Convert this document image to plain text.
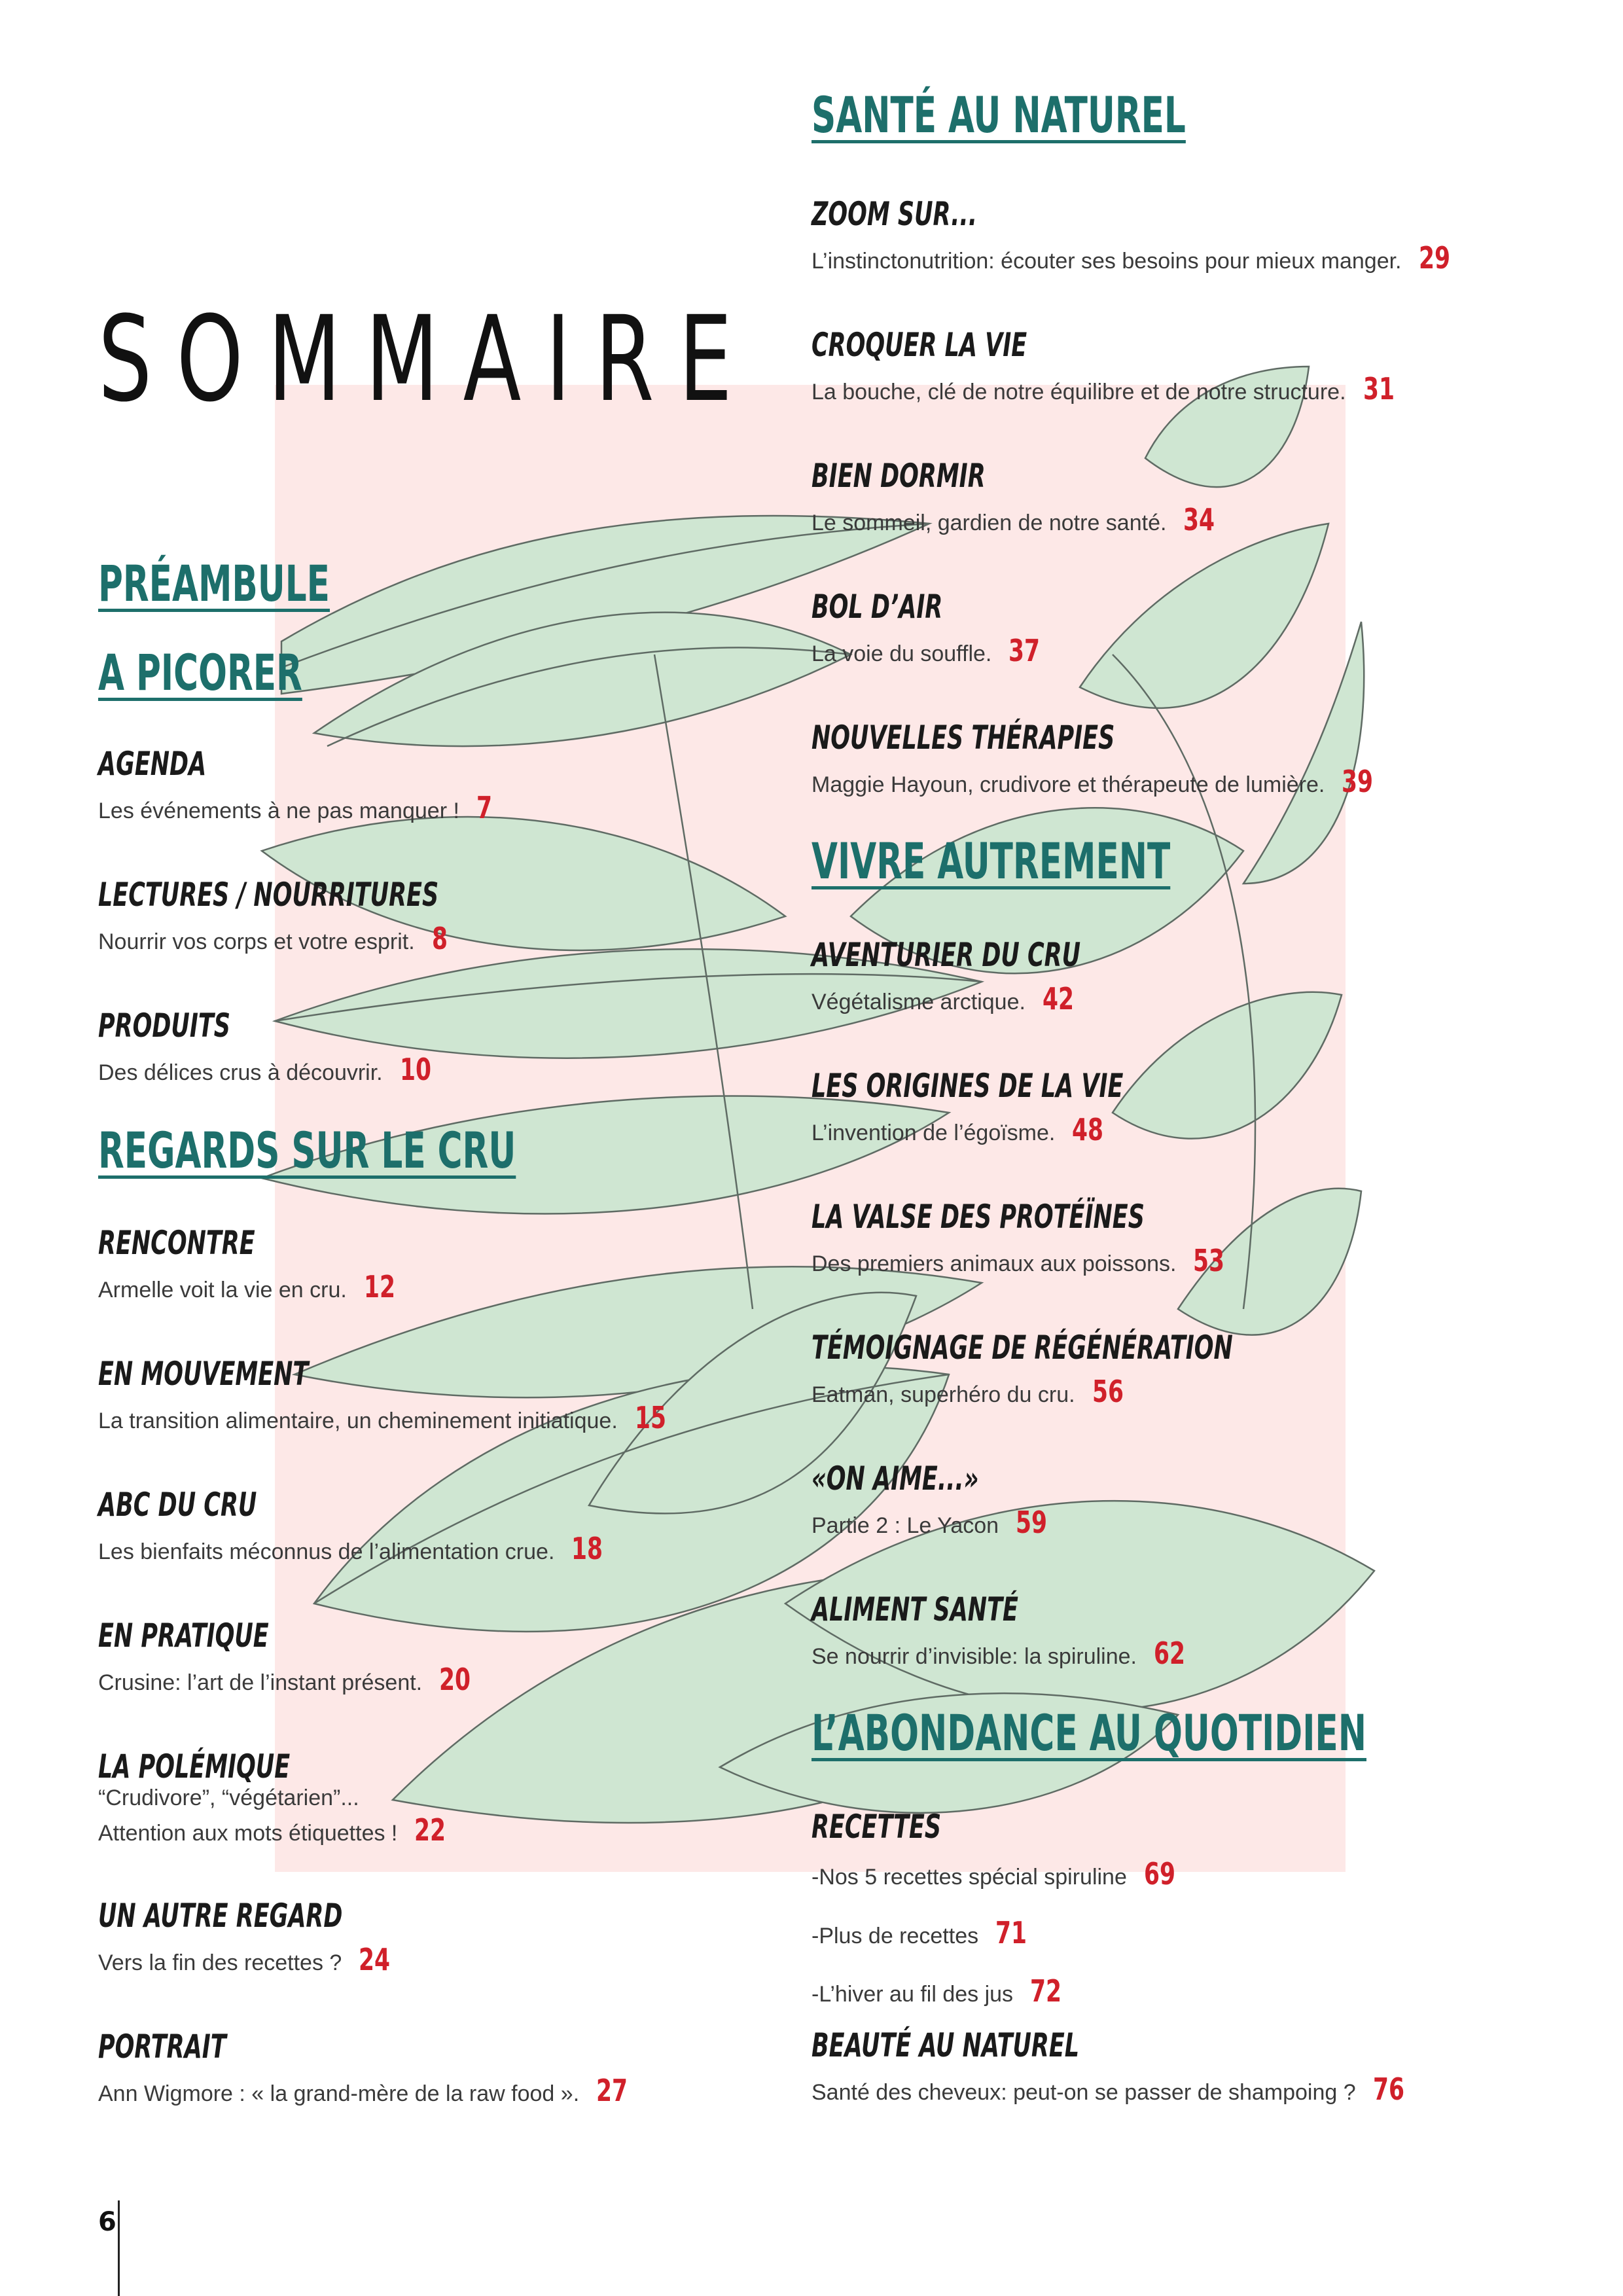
SOMMAIRE
PRÉAMBULE
A PICORER
AGENDA
Les événements à ne pas manquer ! 7
LECTURES / NOURRITURES
Nourrir vos corps et votre esprit. 8
PRODUITS
Des délices crus à découvrir. 10
REGARDS SUR LE CRU
RENCONTRE
Armelle voit la vie en cru. 12
EN MOUVEMENT
La transition alimentaire, un cheminement initiatique. 15
ABC DU CRU
Les bienfaits méconnus de l’alimentation crue. 18
EN PRATIQUE
Crusine: l’art de l’instant présent. 20
LA POLÉMIQUE
“Crudivore”, “végétarien”...
Attention aux mots étiquettes ! 22
UN AUTRE REGARD
Vers la fin des recettes ? 24
PORTRAIT
Ann Wigmore : « la grand-mère de la raw food ». 27
SANTÉ AU NATUREL
ZOOM SUR...
L’instinctonutrition: écouter ses besoins pour mieux manger. 29
CROQUER LA VIE
La bouche, clé de notre équilibre et de notre structure. 31
BIEN DORMIR
Le sommeil, gardien de notre santé. 34
BOL D’AIR
La voie du souffle. 37
NOUVELLES THÉRAPIES
Maggie Hayoun, crudivore et thérapeute de lumière. 39
VIVRE AUTREMENT
AVENTURIER DU CRU
Végétalisme arctique. 42
LES ORIGINES DE LA VIE
L’invention de l’égoïsme. 48
LA VALSE DES PROTÉÏNES
Des premiers animaux aux poissons. 53
TÉMOIGNAGE DE RÉGÉNÉRATION
Eatman, superhéro du cru. 56
«ON AIME...»
Partie 2 : Le Yacon 59
ALIMENT SANTÉ
Se nourrir d’invisible: la spiruline. 62
L’ABONDANCE AU QUOTIDIEN
RECETTES
-Nos 5 recettes spécial spiruline 69
-Plus de recettes 71
-L’hiver au fil des jus 72
BEAUTÉ AU NATUREL
Santé des cheveux: peut-on se passer de shampoing ? 76
6
